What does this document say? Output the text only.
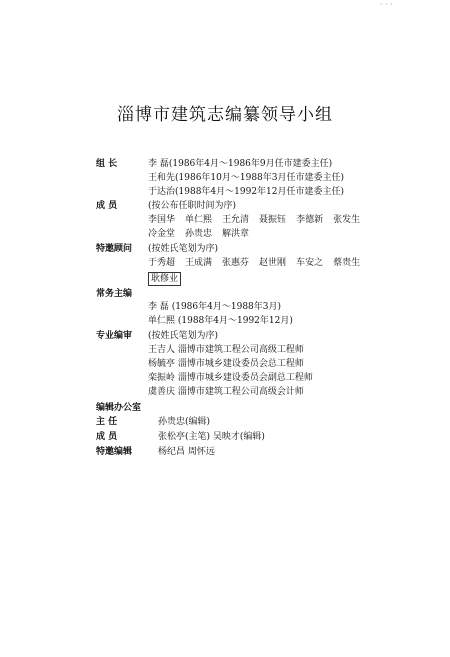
· · ·
淄博市建筑志编纂领导小组
组 长	李 磊(1986年4月～1986年9月任市建委主任)
王和先(1986年10月～1988年3月任市建委主任)
于达治(1988年4月～1992年12月任市建委主任)
成 员	(按公布任职时间为序)
李国华 单仁熙 王允清 聂振钰 李德新 张发生
冷金堂 孙贵忠 解洪章
特邀顾问 (按姓氏笔划为序)
于秀超 王成满 张惠芬 赵世刚 车安之 蔡贵生
耿修业
常务主编
李 磊 (1986年4月～1988年3月)
单仁熙 (1988年4月～1992年12月)
专业编审 (按姓氏笔划为序)
王吉人 淄博市建筑工程公司高级工程师
杨毓亭 淄博市城乡建设委员会总工程师
栾振岭 淄博市城乡建设委员会副总工程师
虞善庆 淄博市建筑工程公司高级会计师
编辑办公室
主 任	孙贵忠(编辑)
成 员	张松亭(主笔) 吴映才(编辑)
特邀编辑	杨纪昌 周怀远
